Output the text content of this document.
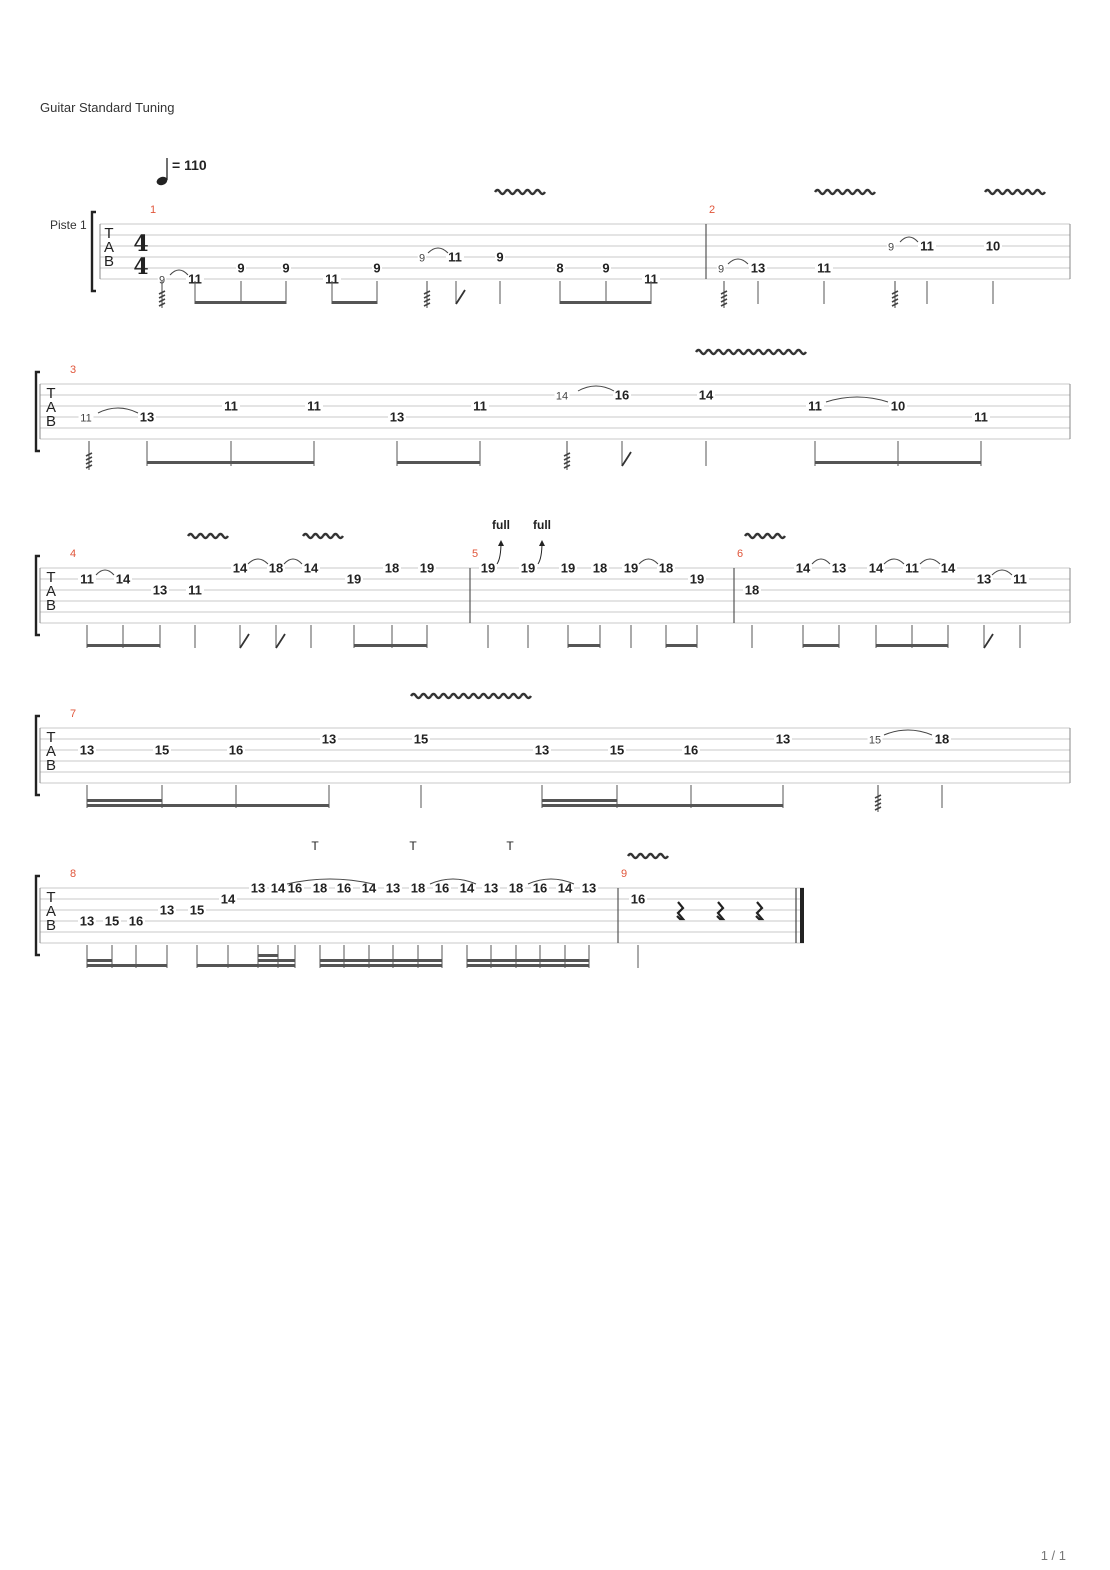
Guitar Standard Tuning
= 110
Piste 1 T
A
B
4
4
1	2
9 11
9	9
11
9
9 11	9
8	9
11
9 13	11
9 11	10
T
A
B
3
11	13
11	11
13
11
14	16	14
11	10
11
T
A
B
4	5	6
11 14
13 11
14 18 14
19
18 19	19 19 19 18 19 18
19
18
14 13 14 11 14
13 11
full full
T
A
B
7
13	15	16
13	15
13	15	16
13	15	18
T
A
B
8	9
13 15 16
13 15
14
13 14 16 18 16 14 13 18 16 14 13 18 16 14 13
16
T	T	T
1 / 1
